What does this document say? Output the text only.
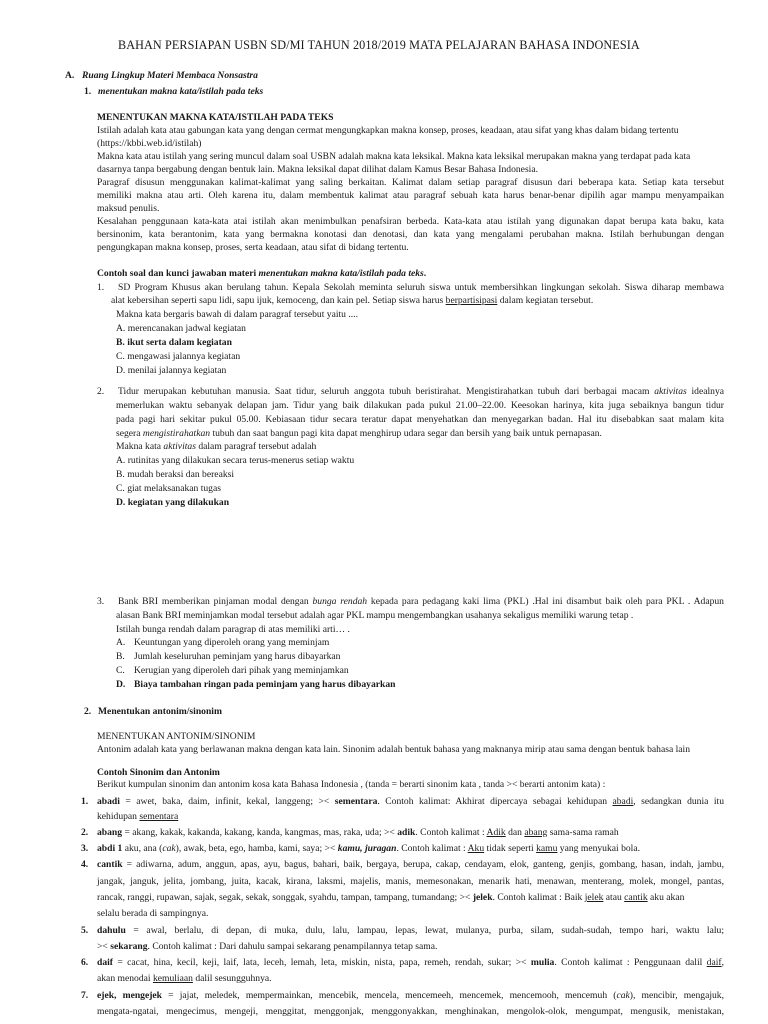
BAHAN PERSIAPAN USBN SD/MI TAHUN 2018/2019 MATA PELAJARAN BAHASA INDONESIA
A. Ruang Lingkup Materi Membaca Nonsastra
1. menentukan makna kata/istilah pada teks
MENENTUKAN MAKNA KATA/ISTILAH PADA TEKS
Istilah adalah kata atau gabungan kata yang dengan cermat mengungkapkan makna konsep, proses, keadaan, atau sifat yang khas dalam bidang tertentu
(https://kbbi.web.id/istilah)
Makna kata atau istilah yang sering muncul dalam soal USBN adalah makna kata leksikal. Makna kata leksikal merupakan makna yang terdapat pada kata
dasarnya tanpa bergabung dengan bentuk lain. Makna leksikal dapat dilihat dalam Kamus Besar Bahasa Indonesia.
Paragraf disusun menggunakan kalimat-kalimat yang saling berkaitan. Kalimat dalam setiap paragraf disusun dari beberapa kata. Setiap kata tersebut
memiliki makna atau arti. Oleh karena itu, dalam membentuk kalimat atau paragraf sebuah kata harus benar-benar dipilih agar mampu menyampaikan
maksud penulis.
Kesalahan penggunaan kata-kata atai istilah akan menimbulkan penafsiran berbeda. Kata-kata atau istilah yang digunakan dapat berupa kata baku, kata
bersinonim, kata berantonim, kata yang bermakna konotasi dan denotasi, dan kata yang mengalami perubahan makna. Istilah berhubungan dengan
pengungkapan makna konsep, proses, serta keadaan, atau sifat di bidang tertentu.
Contoh soal dan kunci jawaban materi menentukan makna kata/istilah pada teks.
1. SD Program Khusus akan berulang tahun. Kepala Sekolah meminta seluruh siswa untuk membersihkan lingkungan sekolah. Siswa diharap membawa
alat kebersihan seperti sapu lidi, sapu ijuk, kemoceng, dan kain pel. Setiap siswa harus berpartisipasi dalam kegiatan tersebut.
Makna kata bergaris bawah di dalam paragraf tersebut yaitu ....
A. merencanakan jadwal kegiatan
B. ikut serta dalam kegiatan
C. mengawasi jalannya kegiatan
D. menilai jalannya kegiatan
2. Tidur merupakan kebutuhan manusia. Saat tidur, seluruh anggota tubuh beristirahat. Mengistirahatkan tubuh dari berbagai macam aktivitas idealnya
memerlukan waktu sebanyak delapan jam. Tidur yang baik dilakukan pada pukul 21.00–22.00. Keesokan harinya, kita juga sebaiknya bangun tidur
pada pagi hari sekitar pukul 05.00. Kebiasaan tidur secara teratur dapat menyehatkan dan menyegarkan badan. Hal itu disebabkan saat malam kita
segera mengistirahatkan tubuh dan saat bangun pagi kita dapat menghirup udara segar dan bersih yang baik untuk pernapasan.
Makna kata aktivitas dalam paragraf tersebut adalah
A. rutinitas yang dilakukan secara terus-menerus setiap waktu
B. mudah beraksi dan bereaksi
C. giat melaksanakan tugas
D. kegiatan yang dilakukan
3. Bank BRI memberikan pinjaman modal dengan bunga rendah kepada para pedagang kaki lima (PKL) .Hal ini disambut baik oleh para PKL . Adapun
alasan Bank BRI meminjamkan modal tersebut adalah agar PKL mampu mengembangkan usahanya sekaligus memiliki warung tetap .
Istilah bunga rendah dalam paragrap di atas memiliki arti… .
A. Keuntungan yang diperoleh orang yang meminjam
B. Jumlah keseluruhan peminjam yang harus dibayarkan
C. Kerugian yang diperoleh dari pihak yang meminjamkan
D. Biaya tambahan ringan pada peminjam yang harus dibayarkan
2. Menentukan antonim/sinonim
MENENTUKAN ANTONIM/SINONIM
Antonim adalah kata yang berlawanan makna dengan kata lain. Sinonim adalah bentuk bahasa yang maknanya mirip atau sama dengan bentuk bahasa lain
Contoh Sinonim dan Antonim
Berikut kumpulan sinonim dan antonim kosa kata Bahasa Indonesia , (tanda = berarti sinonim kata , tanda >< berarti antonim kata) :
1. abadi = awet, baka, daim, infinit, kekal, langgeng; >< sementara. Contoh kalimat: Akhirat dipercaya sebagai kehidupan abadi, sedangkan dunia itu
kehidupan sementara
2. abang = akang, kakak, kakanda, kakang, kanda, kangmas, mas, raka, uda; >< adik. Contoh kalimat : Adik dan abang sama-sama ramah
3. abdi 1 aku, ana (cak), awak, beta, ego, hamba, kami, saya; >< kamu, juragan. Contoh kalimat : Aku tidak seperti kamu yang menyukai bola.
4. cantik = adiwarna, adum, anggun, apas, ayu, bagus, bahari, baik, bergaya, berupa, cakap, cendayam, elok, ganteng, genjis, gombang, hasan, indah, jambu,
jangak, janguk, jelita, jombang, juita, kacak, kirana, laksmi, majelis, manis, memesonakan, menarik hati, menawan, menterang, molek, mongel, pantas,
rancak, ranggi, rupawan, sajak, segak, sekak, songgak, syahdu, tampan, tampang, tumandang; >< jelek. Contoh kalimat : Baik jelek atau cantik aku akan
selalu berada di sampingnya.
5. dahulu = awal, berlalu, di depan, di muka, dulu, lalu, lampau, lepas, lewat, mulanya, purba, silam, sudah-sudah, tempo hari, waktu lalu;
>< sekarang. Contoh kalimat : Dari dahulu sampai sekarang penampilannya tetap sama.
6. daif = cacat, hina, kecil, keji, laif, lata, leceh, lemah, leta, miskin, nista, papa, remeh, rendah, sukar; >< mulia. Contoh kalimat : Penggunaan dalil daif,
akan menodai kemuliaan dalil sesungguhnya.
7. ejek, mengejek = jajat, meledek, mempermainkan, mencebik, mencela, mencemeeh, mencemek, mencemooh, mencemuh (cak), mencibir, mengajuk,
mengata-ngatai, mengecimus, mengeji, menggitat, menggonjak, menggonyakkan, menghinakan, mengolok-olok, mengumpat, mengusik, menistakan,
